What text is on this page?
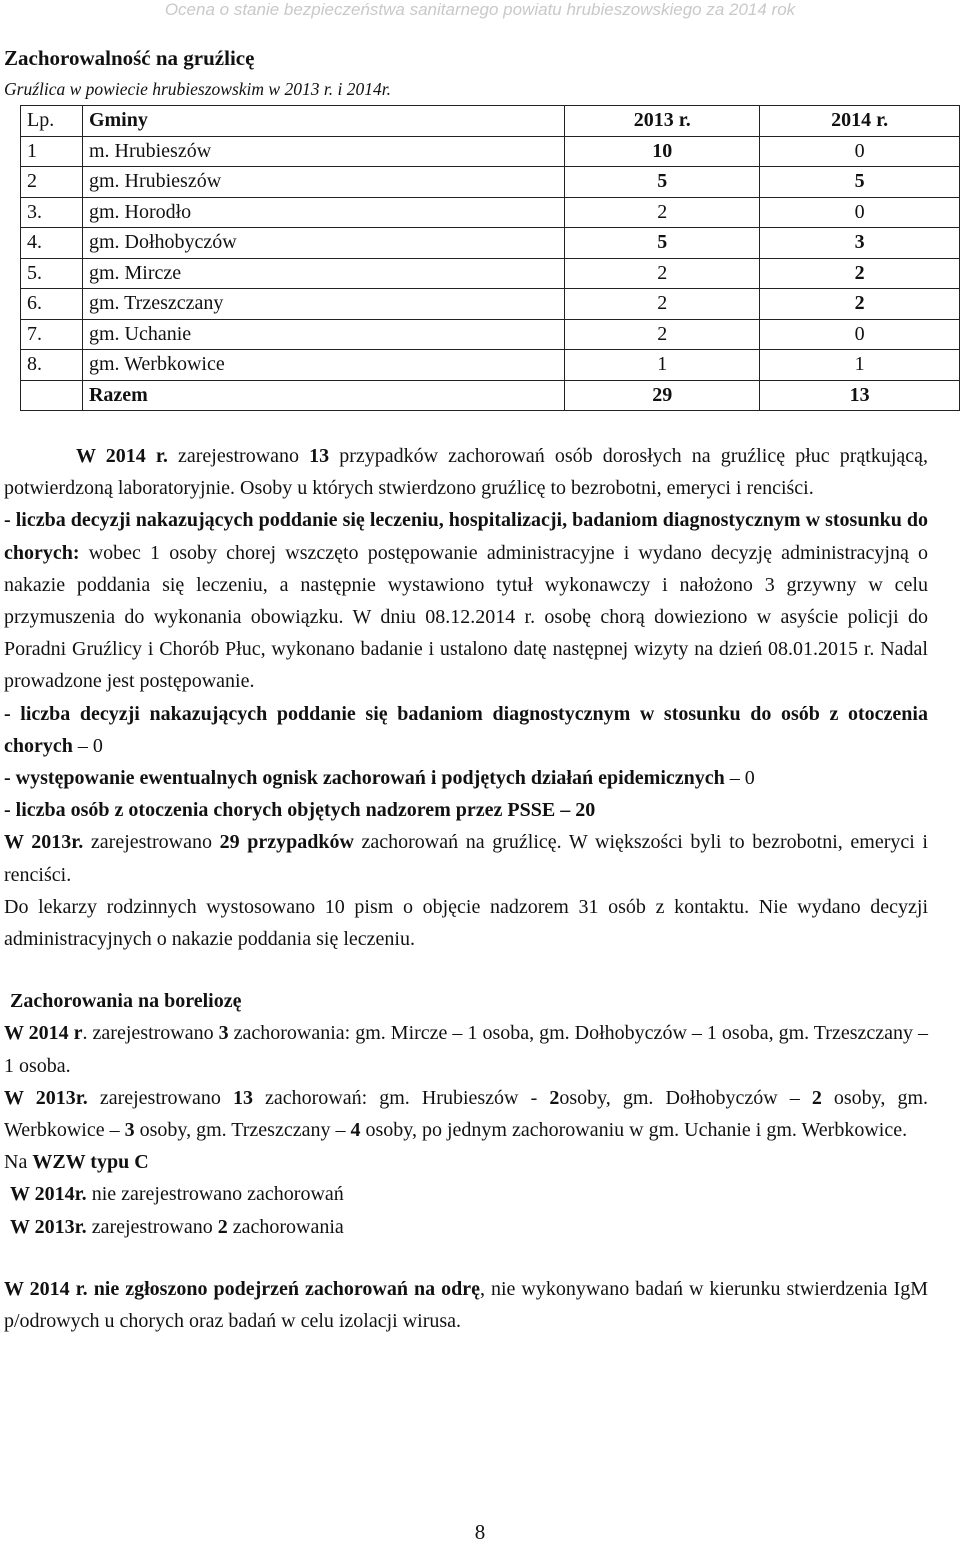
Ocena o stanie bezpieczeństwa sanitarnego powiatu hrubieszowskiego za 2014 rok
Zachorowalność na gruźlicę
Gruźlica w powiecie hrubieszowskim w 2013 r. i 2014r.
Lp.	Gminy	2013 r.	2014 r.
1	m. Hrubieszów	10	0
2	gm. Hrubieszów	5	5
3.	gm. Horodło	2	0
4.	gm. Dołhobyczów	5	3
5.	gm. Mircze	2	2
6.	gm. Trzeszczany	2	2
7.	gm. Uchanie	2	0
8.	gm. Werbkowice	1	1
	Razem	29	13

W 2014 r. zarejestrowano 13 przypadków zachorowań osób dorosłych na gruźlicę płuc prątkującą, potwierdzoną laboratoryjnie. Osoby u których stwierdzono gruźlicę to bezrobotni, emeryci i renciści.

- liczba decyzji nakazujących poddanie się leczeniu, hospitalizacji, badaniom diagnostycznym w stosunku do chorych: wobec 1 osoby chorej wszczęto postępowanie administracyjne i wydano decyzję administracyjną o nakazie poddania się leczeniu, a następnie wystawiono tytuł wykonawczy i nałożono 3 grzywny w celu przymuszenia do wykonania obowiązku. W dniu 08.12.2014 r. osobę chorą dowieziono w asyście policji do Poradni Gruźlicy i Chorób Płuc, wykonano badanie i ustalono datę następnej wizyty na dzień 08.01.2015 r. Nadal prowadzone jest postępowanie.

- liczba decyzji nakazujących poddanie się badaniom diagnostycznym w stosunku do osób z otoczenia chorych – 0

- występowanie ewentualnych ognisk zachorowań i podjętych działań epidemicznych – 0

- liczba osób z otoczenia chorych objętych nadzorem przez PSSE – 20

W 2013r. zarejestrowano 29 przypadków zachorowań na gruźlicę. W większości byli to bezrobotni, emeryci i renciści.

Do lekarzy rodzinnych wystosowano 10 pism o objęcie nadzorem 31 osób z kontaktu. Nie wydano decyzji administracyjnych o nakazie poddania się leczeniu.

Zachorowania na boreliozę

W 2014 r. zarejestrowano 3 zachorowania: gm. Mircze – 1 osoba, gm. Dołhobyczów – 1 osoba, gm. Trzeszczany – 1 osoba.

W 2013r. zarejestrowano 13 zachorowań: gm. Hrubieszów - 2osoby, gm. Dołhobyczów – 2 osoby, gm. Werbkowice – 3 osoby, gm. Trzeszczany – 4 osoby, po jednym zachorowaniu w gm. Uchanie i gm. Werbkowice.

Na WZW typu C

W 2014r. nie zarejestrowano zachorowań

W 2013r. zarejestrowano 2 zachorowania

W 2014 r. nie zgłoszono podejrzeń zachorowań na odrę, nie wykonywano badań w kierunku stwierdzenia IgM p/odrowych u chorych oraz badań w celu izolacji wirusa.

8
